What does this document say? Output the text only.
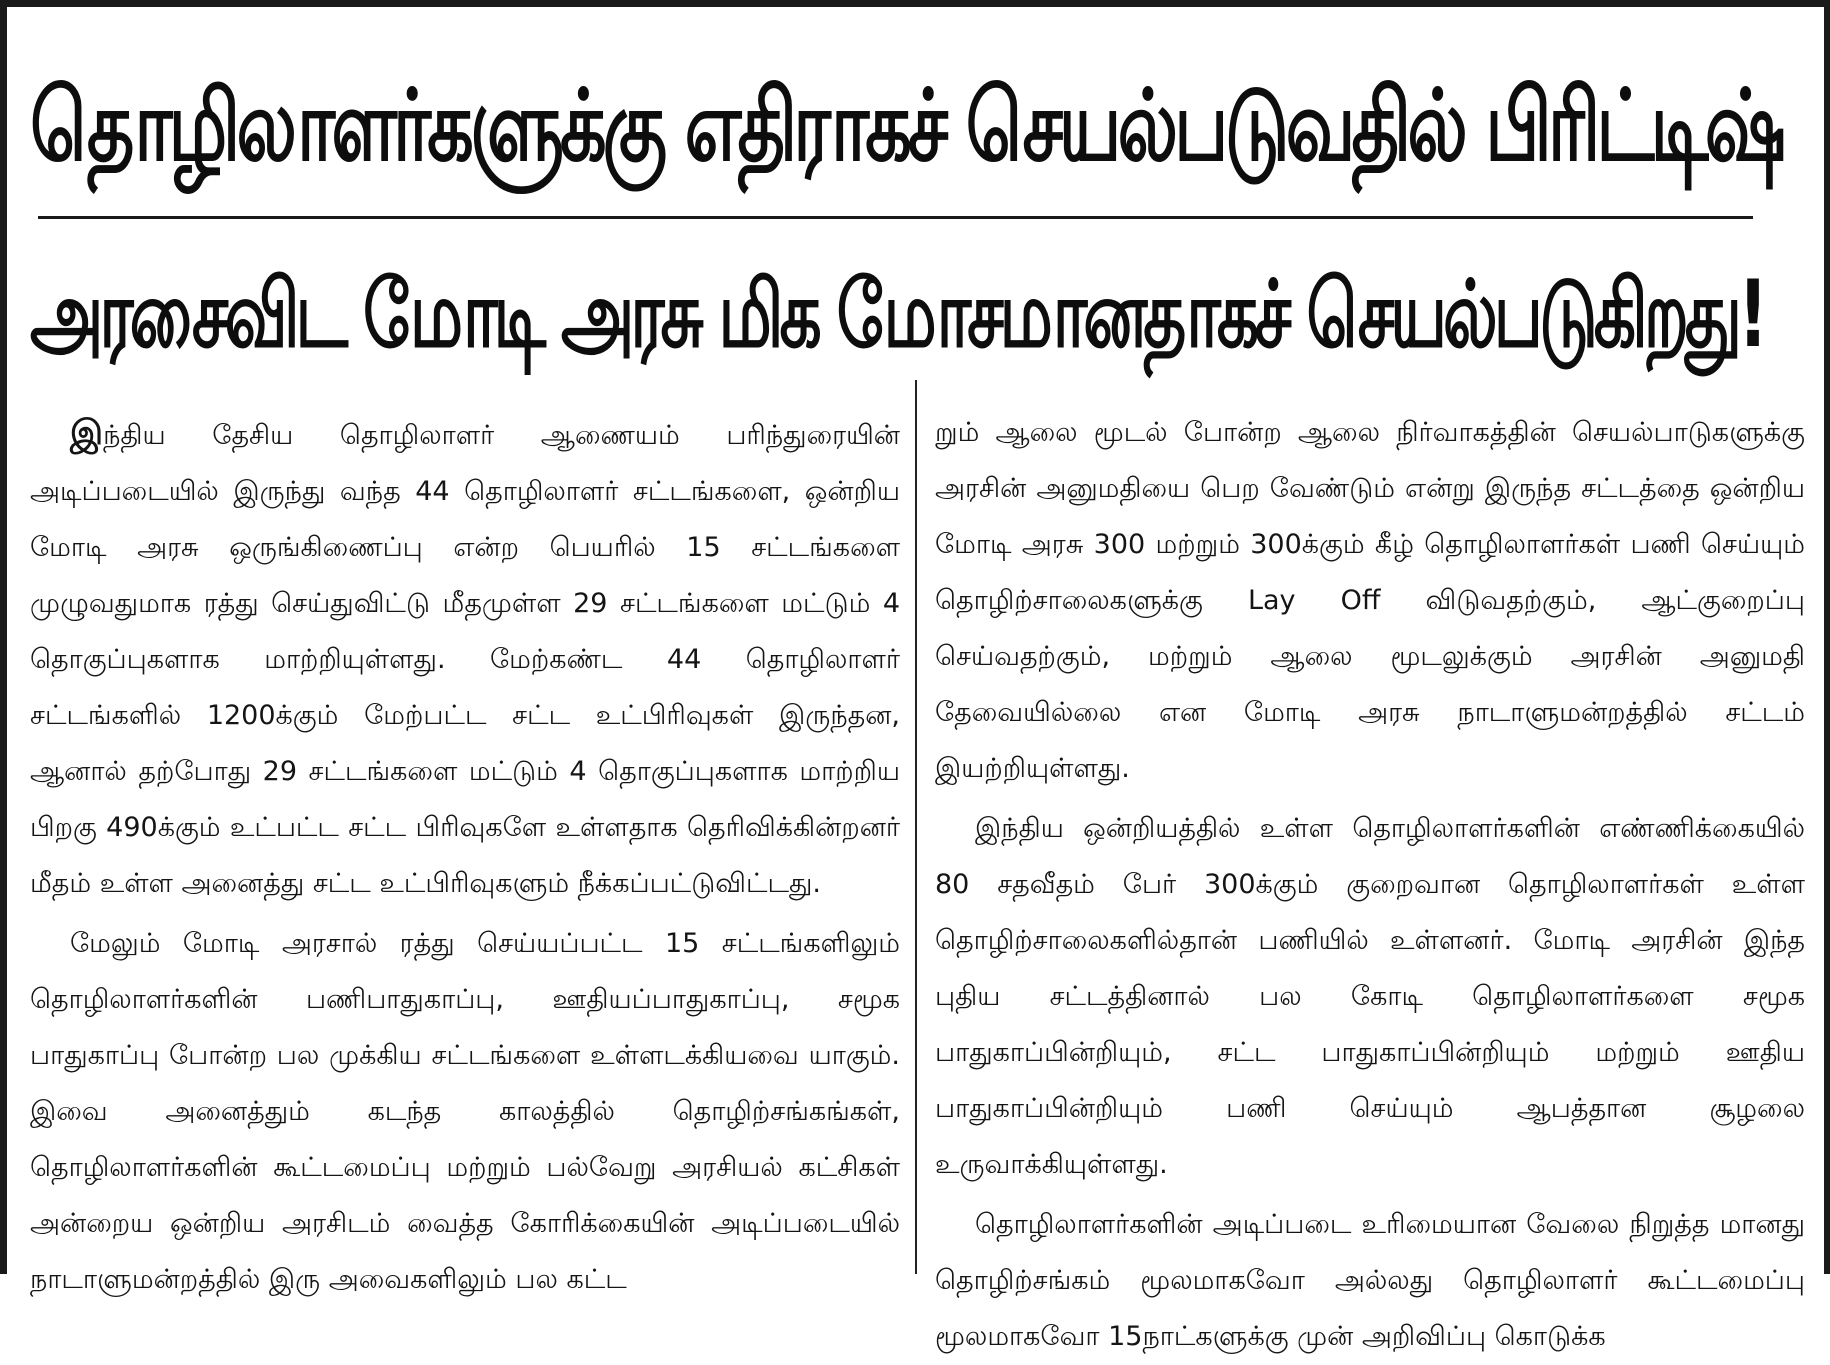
தொழிலாளர்களுக்கு எதிராகச் செயல்படுவதில் பிரிட்டிஷ்
அரசைவிட மோடி அரசு மிக மோசமானதாகச் செயல்படுகிறது!

இந்திய தேசிய தொழிலாளர் ஆணையம் பரிந்துரையின் அடிப்படையில் இருந்து வந்த 44 தொழிலாளர் சட்டங்களை, ஒன்றிய மோடி அரசு ஒருங்கிணைப்பு என்ற பெயரில் 15 சட்டங்களை முழுவதுமாக ரத்து செய்துவிட்டு மீதமுள்ள 29 சட்டங்களை மட்டும் 4 தொகுப்புகளாக மாற்றியுள்ளது. மேற்கண்ட 44 தொழிலாளர் சட்டங்களில் 1200க்கும் மேற்பட்ட சட்ட உட்பிரிவுகள் இருந்தன, ஆனால் தற்போது 29 சட்டங்களை மட்டும் 4 தொகுப்புகளாக மாற்றிய பிறகு 490க்கும் உட்பட்ட சட்ட பிரிவுகளே உள்ளதாக தெரிவிக்கின்றனர் மீதம் உள்ள அனைத்து சட்ட உட்பிரிவுகளும் நீக்கப்பட்டுவிட்டது.

மேலும் மோடி அரசால் ரத்து செய்யப்பட்ட 15 சட்டங்களிலும் தொழிலாளர்களின் பணிபாதுகாப்பு, ஊதியப்பாதுகாப்பு, சமூக பாதுகாப்பு போன்ற பல முக்கிய சட்டங்களை உள்ளடக்கியவை யாகும். இவை அனைத்தும் கடந்த காலத்தில் தொழிற்சங்கங்கள், தொழிலாளர்களின் கூட்டமைப்பு மற்றும் பல்வேறு அரசியல் கட்சிகள் அன்றைய ஒன்றிய அரசிடம் வைத்த கோரிக்கையின் அடிப்படையில் நாடாளுமன்றத்தில் இரு அவைகளிலும் பல கட்ட

றும் ஆலை மூடல் போன்ற ஆலை நிர்வாகத்தின் செயல்பாடுகளுக்கு அரசின் அனுமதியை பெற வேண்டும் என்று இருந்த சட்டத்தை ஒன்றிய மோடி அரசு 300 மற்றும் 300க்கும் கீழ் தொழிலாளர்கள் பணி செய்யும் தொழிற்சாலைகளுக்கு Lay Off விடுவதற்கும், ஆட்குறைப்பு செய்வதற்கும், மற்றும் ஆலை மூடலுக்கும் அரசின் அனுமதி தேவையில்லை என மோடி அரசு நாடாளுமன்றத்தில் சட்டம் இயற்றியுள்ளது.

இந்திய ஒன்றியத்தில் உள்ள தொழிலாளர்களின் எண்ணிக்கையில் 80 சதவீதம் பேர் 300க்கும் குறைவான தொழிலாளர்கள் உள்ள தொழிற்சாலைகளில்தான் பணியில் உள்ளனர். மோடி அரசின் இந்த புதிய சட்டத்தினால் பல கோடி தொழிலாளர்களை சமூக பாதுகாப்பின்றியும், சட்ட பாதுகாப்பின்றியும் மற்றும் ஊதிய பாதுகாப்பின்றியும் பணி செய்யும் ஆபத்தான சூழலை உருவாக்கியுள்ளது.

தொழிலாளர்களின் அடிப்படை உரிமையான வேலை நிறுத்த மானது தொழிற்சங்கம் மூலமாகவோ அல்லது தொழிலாளர் கூட்டமைப்பு மூலமாகவோ 15நாட்களுக்கு முன் அறிவிப்பு கொடுக்க
